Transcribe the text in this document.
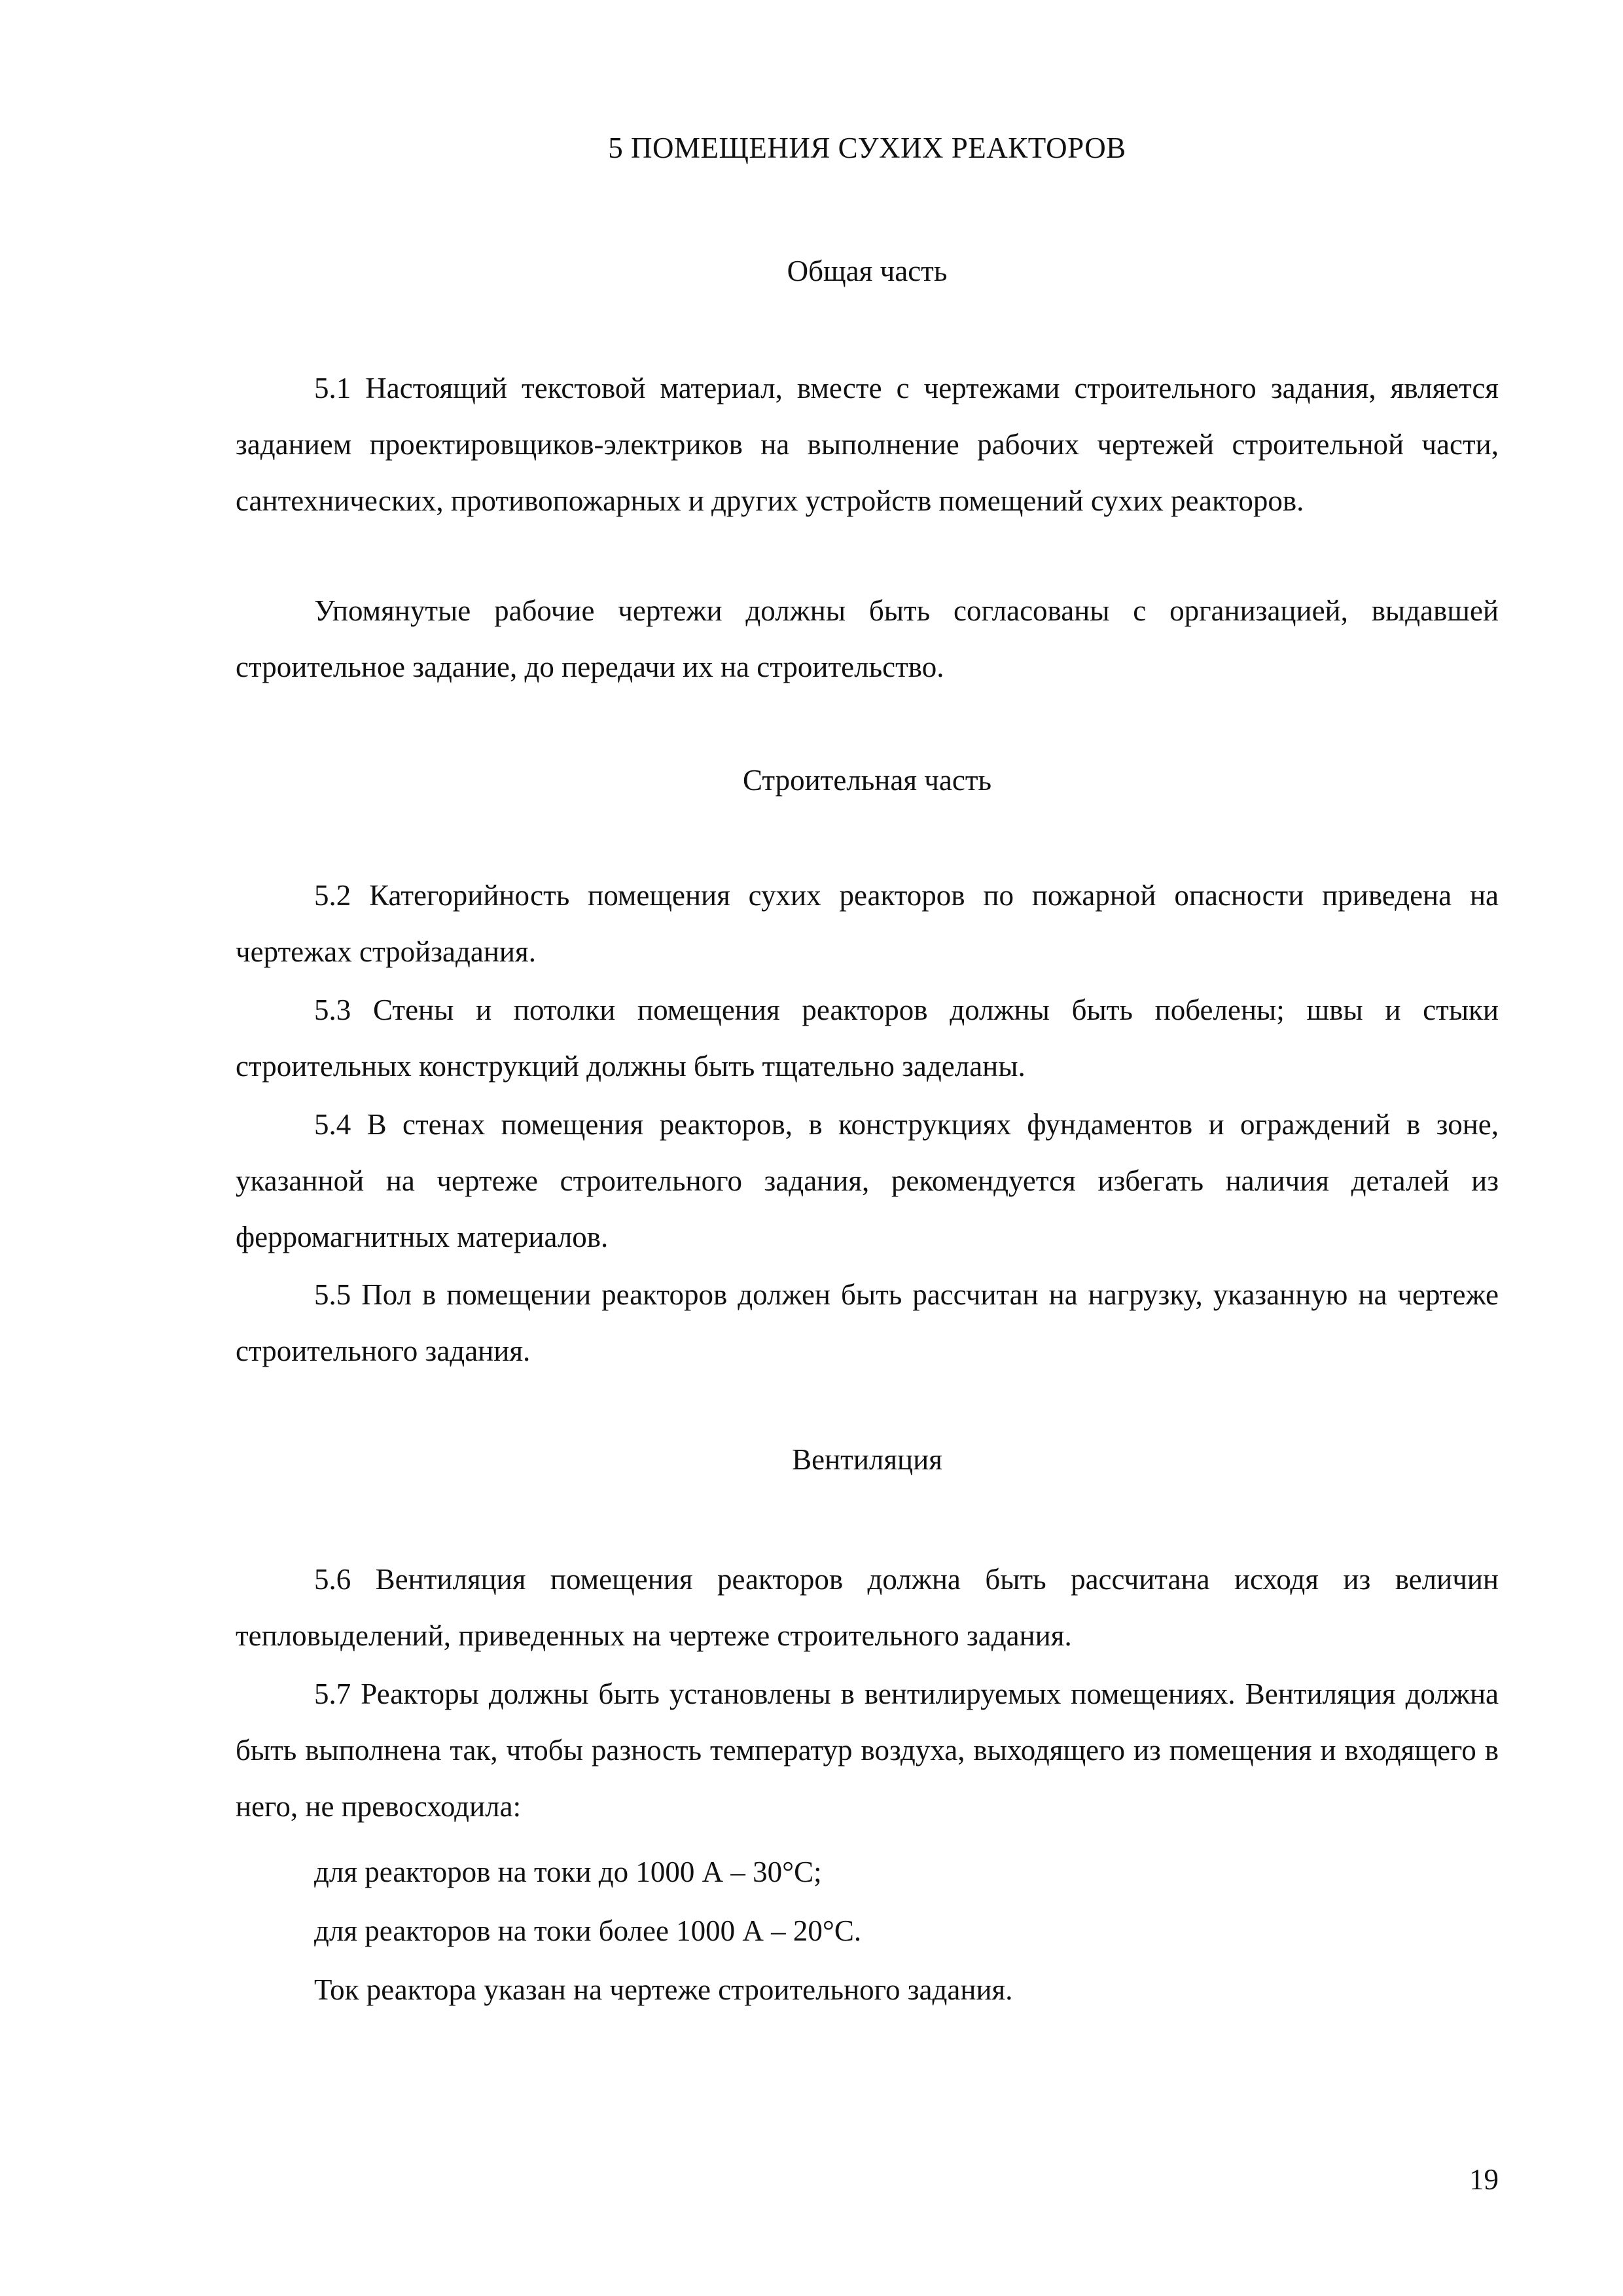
5 ПОМЕЩЕНИЯ СУХИХ РЕАКТОРОВ
Общая часть

5.1 Настоящий текстовой материал, вместе с чертежами строительного задания, является заданием проектировщиков-электриков на выполнение рабочих чертежей строительной части, сантехнических, противопожарных и других устройств помещений сухих реакторов.

Упомянутые рабочие чертежи должны быть согласованы с организацией, выдавшей строительное задание, до передачи их на строительство.

Строительная часть

5.2 Категорийность помещения сухих реакторов по пожарной опасности приведена на чертежах стройзадания.

5.3 Стены и потолки помещения реакторов должны быть побелены; швы и стыки строительных конструкций должны быть тщательно заделаны.

5.4 В стенах помещения реакторов, в конструкциях фундаментов и ограждений в зоне, указанной на чертеже строительного задания, рекомендуется избегать наличия деталей из ферромагнитных материалов.

5.5 Пол в помещении реакторов должен быть рассчитан на нагрузку, указанную на чертеже строительного задания.

Вентиляция

5.6 Вентиляция помещения реакторов должна быть рассчитана исходя из величин тепловыделений, приведенных на чертеже строительного задания.

5.7 Реакторы должны быть установлены в вентилируемых помещениях. Вентиляция должна быть выполнена так, чтобы разность температур воздуха, выходящего из помещения и входящего в него, не превосходила:

для реакторов на токи до 1000 А – 30°С;
для реакторов на токи более 1000 А – 20°С.
Ток реактора указан на чертеже строительного задания.
19
